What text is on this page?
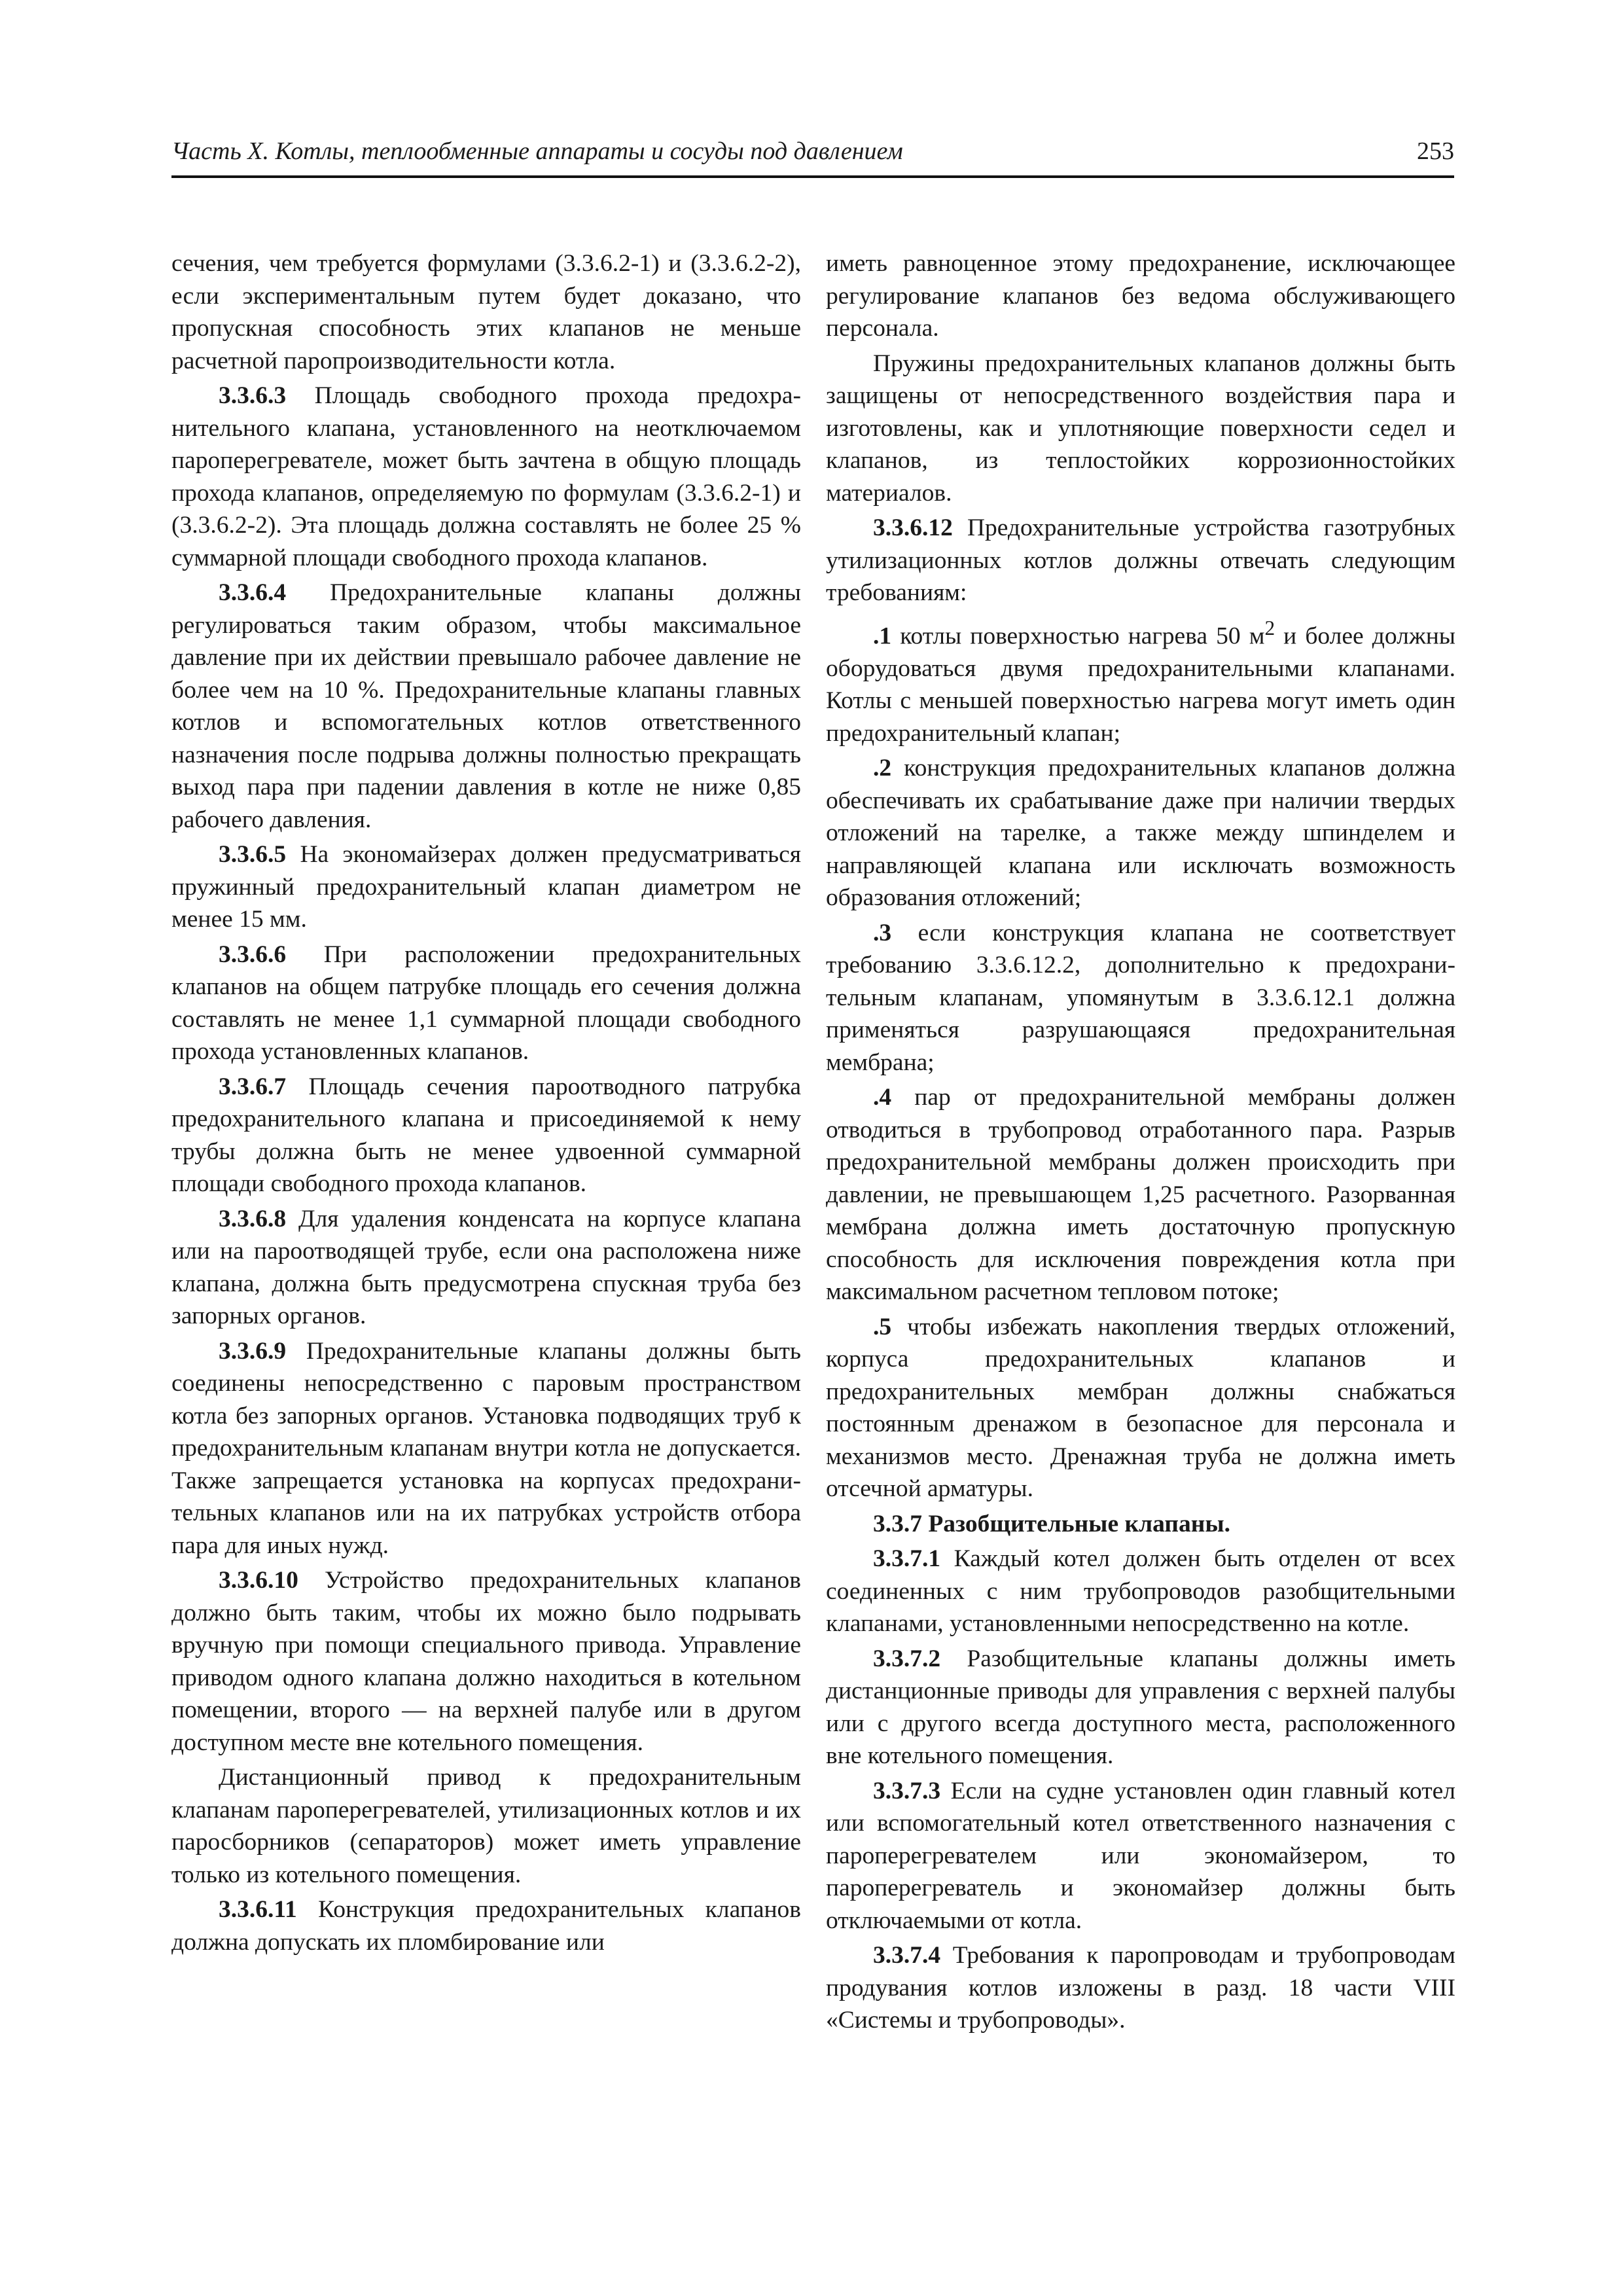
Часть X. Котлы, теплообменные аппараты и сосуды под давлением	253

сечения, чем требуется формулами (3.3.6.2-1) и (3.3.6.2-2), если экспериментальным путем будет доказано, что пропускная способность этих клапанов не меньше расчетной паропроизводительности котла.

3.3.6.3 Площадь свободного прохода предохранительного клапана, установленного на неотключаемом пароперегревателе, может быть зачтена в общую площадь прохода клапанов, определяемую по формулам (3.3.6.2-1) и (3.3.6.2-2). Эта площадь должна составлять не более 25 % суммарной площади свободного прохода клапанов.

3.3.6.4 Предохранительные клапаны должны регулироваться таким образом, чтобы максимальное давление при их действии превышало рабочее давление не более чем на 10 %. Предохранительные клапаны главных котлов и вспомогательных котлов ответственного назначения после подрыва должны полностью прекращать выход пара при падении давления в котле не ниже 0,85 рабочего давления.

3.3.6.5 На экономайзерах должен предусматриваться пружинный предохранительный клапан диаметром не менее 15 мм.

3.3.6.6 При расположении предохранительных клапанов на общем патрубке площадь его сечения должна составлять не менее 1,1 суммарной площади свободного прохода установленных клапанов.

3.3.6.7 Площадь сечения пароотводного патрубка предохранительного клапана и присоединяемой к нему трубы должна быть не менее удвоенной суммарной площади свободного прохода клапанов.

3.3.6.8 Для удаления конденсата на корпусе клапана или на пароотводящей трубе, если она расположена ниже клапана, должна быть предусмотрена спускная труба без запорных органов.

3.3.6.9 Предохранительные клапаны должны быть соединены непосредственно с паровым пространством котла без запорных органов. Установка подводящих труб к предохранительным клапанам внутри котла не допускается. Также запрещается установка на корпусах предохранительных клапанов или на их патрубках устройств отбора пара для иных нужд.

3.3.6.10 Устройство предохранительных клапанов должно быть таким, чтобы их можно было подрывать вручную при помощи специального привода. Управление приводом одного клапана должно находиться в котельном помещении, второго — на верхней палубе или в другом доступном месте вне котельного помещения.

Дистанционный привод к предохранительным клапанам пароперегревателей, утилизационных котлов и их паросборников (сепараторов) может иметь управление только из котельного помещения.

3.3.6.11 Конструкция предохранительных клапанов должна допускать их пломбирование или

иметь равноценное этому предохранение, исключающее регулирование клапанов без ведома обслуживающего персонала.

Пружины предохранительных клапанов должны быть защищены от непосредственного воздействия пара и изготовлены, как и уплотняющие поверхности седел и клапанов, из теплостойких коррозионностойких материалов.

3.3.6.12 Предохранительные устройства газотрубных утилизационных котлов должны отвечать следующим требованиям:

.1 котлы поверхностью нагрева 50 $м^2$ и более должны оборудоваться двумя предохранительными клапанами. Котлы с меньшей поверхностью нагрева могут иметь один предохранительный клапан;

.2 конструкция предохранительных клапанов должна обеспечивать их срабатывание даже при наличии твердых отложений на тарелке, а также между шпинделем и направляющей клапана или исключать возможность образования отложений;

.3 если конструкция клапана не соответствует требованию 3.3.6.12.2, дополнительно к предохранительным клапанам, упомянутым в 3.3.6.12.1 должна применяться разрушающаяся предохранительная мембрана;

.4 пар от предохранительной мембраны должен отводиться в трубопровод отработанного пара. Разрыв предохранительной мембраны должен происходить при давлении, не превышающем 1,25 расчетного. Разорванная мембрана должна иметь достаточную пропускную способность для исключения повреждения котла при максимальном расчетном тепловом потоке;

.5 чтобы избежать накопления твердых отложений, корпуса предохранительных клапанов и предохранительных мембран должны снабжаться постоянным дренажом в безопасное для персонала и механизмов место. Дренажная труба не должна иметь отсечной арматуры.

3.3.7 Разобщительные клапаны.

3.3.7.1 Каждый котел должен быть отделен от всех соединенных с ним трубопроводов разобщительными клапанами, установленными непосредственно на котле.

3.3.7.2 Разобщительные клапаны должны иметь дистанционные приводы для управления с верхней палубы или с другого всегда доступного места, расположенного вне котельного помещения.

3.3.7.3 Если на судне установлен один главный котел или вспомогательный котел ответственного назначения с пароперегревателем или экономайзером, то пароперегреватель и экономайзер должны быть отключаемыми от котла.

3.3.7.4 Требования к паропроводам и трубопроводам продувания котлов изложены в разд. 18 части VIII «Системы и трубопроводы».
